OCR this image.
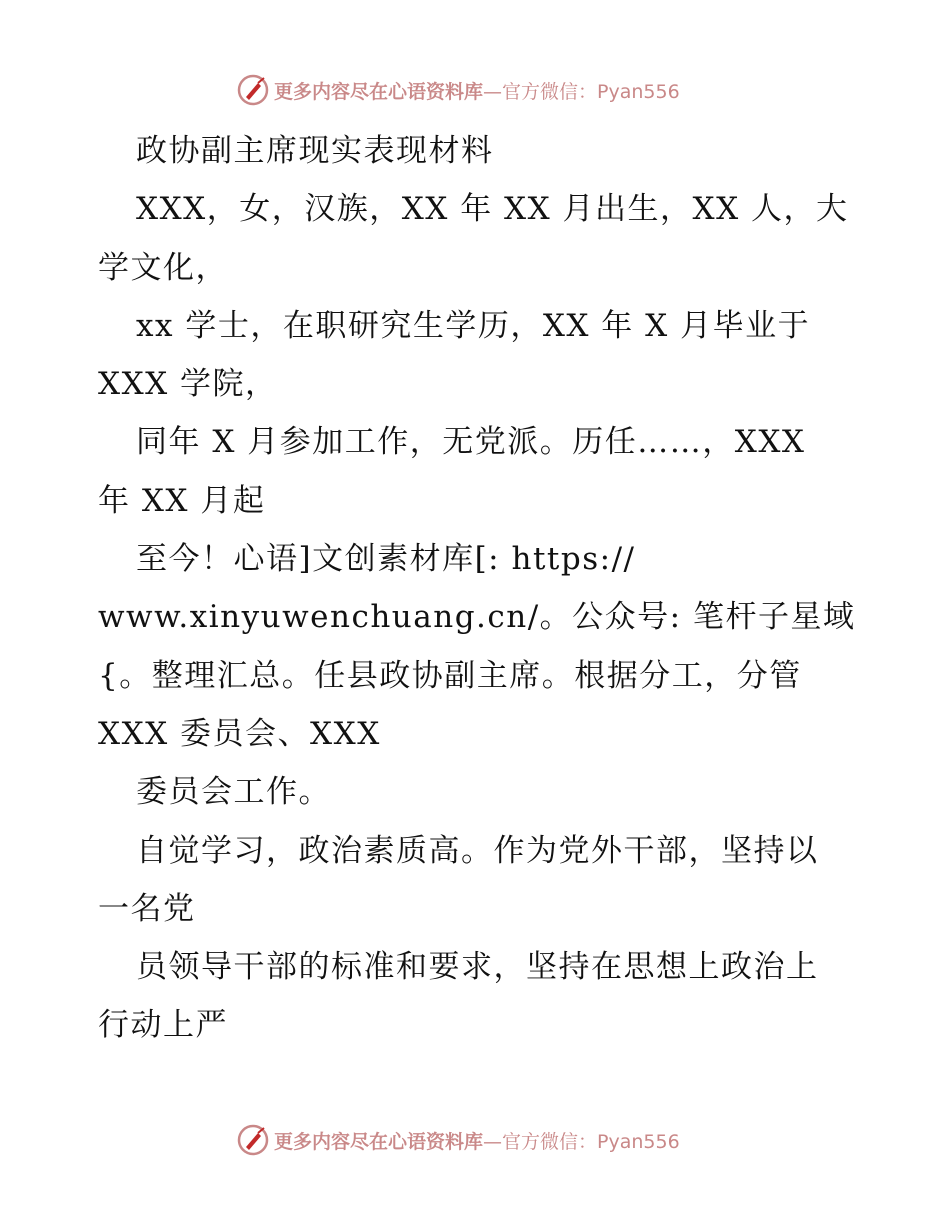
更多内容尽在心语资料库 —官方微信：Pyan556
政协副主席现实表现材料
XXX，女，汉族，XX 年 XX 月出生，XX 人，大
学文化，
xx 学士，在职研究生学历，XX 年 X 月毕业于
XXX 学院，
同年 X 月参加工作，无党派。历任……，XXX
年 XX 月起
至今！心语]文创素材库[: https://
www.xinyuwenchuang.cn/。公众号: 笔杆子星域
{。整理汇总。任县政协副主席。根据分工，分管
XXX 委员会、XXX
委员会工作。
自觉学习，政治素质高。作为党外干部，坚持以
一名党
员领导干部的标准和要求，坚持在思想上政治上
行动上严
更多内容尽在心语资料库 —官方微信：Pyan556
